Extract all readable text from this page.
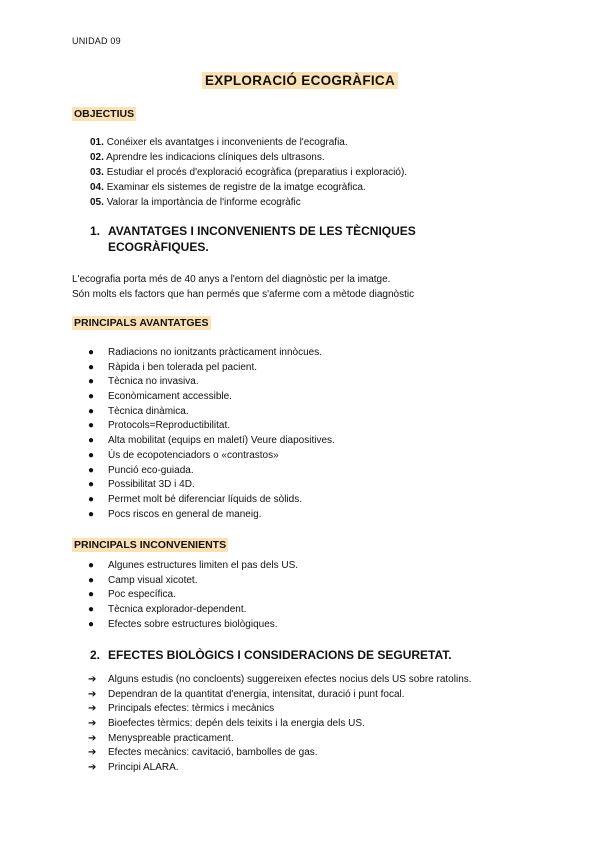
UNIDAD 09
EXPLORACIÓ ECOGRÀFICA
OBJECTIUS
01. Conéixer els avantatges i inconvenients de l'ecografia.
02. Aprendre les indicacions clíniques dels ultrasons.
03. Estudiar el procés d'exploració ecogràfica (preparatius i exploració).
04. Examinar els sistemes de registre de la imatge ecogràfica.
05. Valorar la importància de l'informe ecogràfic
1. AVANTATGES I INCONVENIENTS DE LES TÈCNIQUES
ECOGRÀFIQUES.
L'ecografia porta més de 40 anys a l'entorn del diagnòstic per la imatge.
Són molts els factors que han permés que s'aferme com a mètode diagnòstic
PRINCIPALS AVANTATGES
● Radiacions no ionitzants pràcticament innòcues.
● Ràpida i ben tolerada pel pacient.
● Tècnica no invasiva.
● Econòmicament accessible.
● Tècnica dinàmica.
● Protocols=Reproductibilitat.
● Alta mobilitat (equips en maletí) Veure diapositives.
● Ús de ecopotenciadors o «contrastos»
● Punció eco-guiada.
● Possibilitat 3D i 4D.
● Permet molt bé diferenciar líquids de sòlids.
● Pocs riscos en general de maneig.
PRINCIPALS INCONVENIENTS
● Algunes estructures limiten el pas dels US.
● Camp visual xicotet.
● Poc específica.
● Tècnica explorador-dependent.
● Efectes sobre estructures biològiques.
2. EFECTES BIOLÒGICS I CONSIDERACIONS DE SEGURETAT.
➔ Alguns estudis (no concloents) suggereixen efectes nocius dels US sobre ratolins.
➔ Dependran de la quantitat d'energia, intensitat, duració i punt focal.
➔ Principals efectes: tèrmics i mecànics
➔ Bioefectes tèrmics: depén dels teixits i la energia dels US.
➔ Menyspreable practicament.
➔ Efectes mecànics: cavitació, bambolles de gas.
➔ Principi ALARA.
